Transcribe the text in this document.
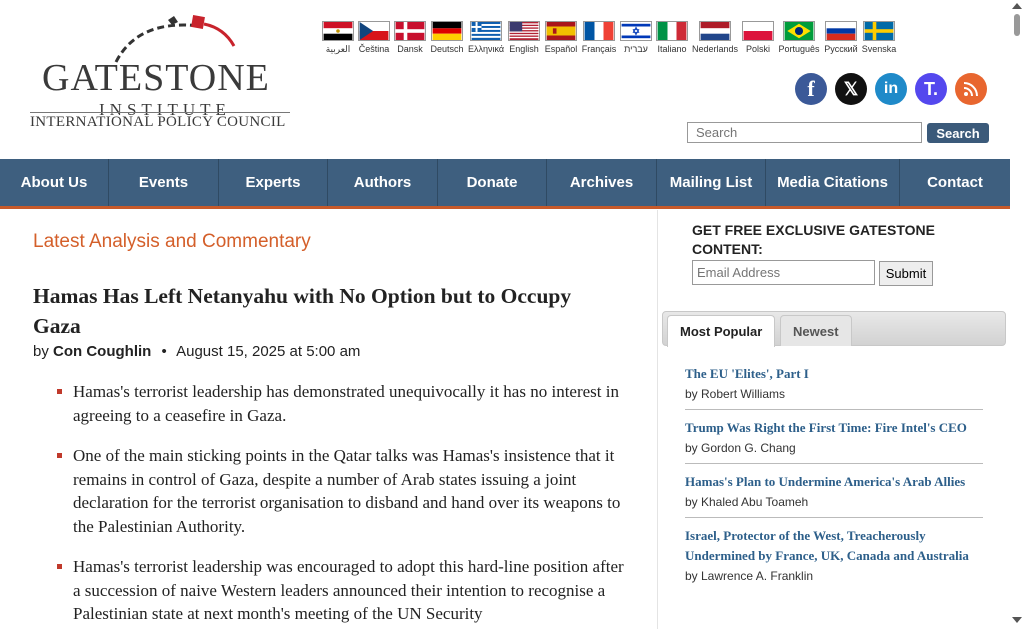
GATESTONE
INSTITUTE
INTERNATIONAL POLICY COUNCIL
العربية Čeština Dansk Deutsch Ελληνικά English Español Français עברית Italiano Nederlands Polski Português Русский Svenska
f	𝕏	in	T.
Search
Search
About Us	Events	Experts	Authors	Donate	Archives	Mailing List	Media Citations	Contact
Latest Analysis and Commentary
Hamas Has Left Netanyahu with No Option but to Occupy Gaza
by Con Coughlin • August 15, 2025 at 5:00 am
Hamas's terrorist leadership has demonstrated unequivocally it has no interest in agreeing to a ceasefire in Gaza.
One of the main sticking points in the Qatar talks was Hamas's insistence that it remains in control of Gaza, despite a number of Arab states issuing a joint declaration for the terrorist organisation to disband and hand over its weapons to the Palestinian Authority.
Hamas's terrorist leadership was encouraged to adopt this hard-line position after a succession of naive Western leaders announced their intention to recognise a Palestinian state at next month's meeting of the UN Security
GET FREE EXCLUSIVE GATESTONE CONTENT:
Email Address
Submit
Most Popular	Newest
The EU 'Elites', Part I
by Robert Williams
Trump Was Right the First Time: Fire Intel's CEO
by Gordon G. Chang
Hamas's Plan to Undermine America's Arab Allies
by Khaled Abu Toameh
Israel, Protector of the West, Treacherously Undermined by France, UK, Canada and Australia
by Lawrence A. Franklin
